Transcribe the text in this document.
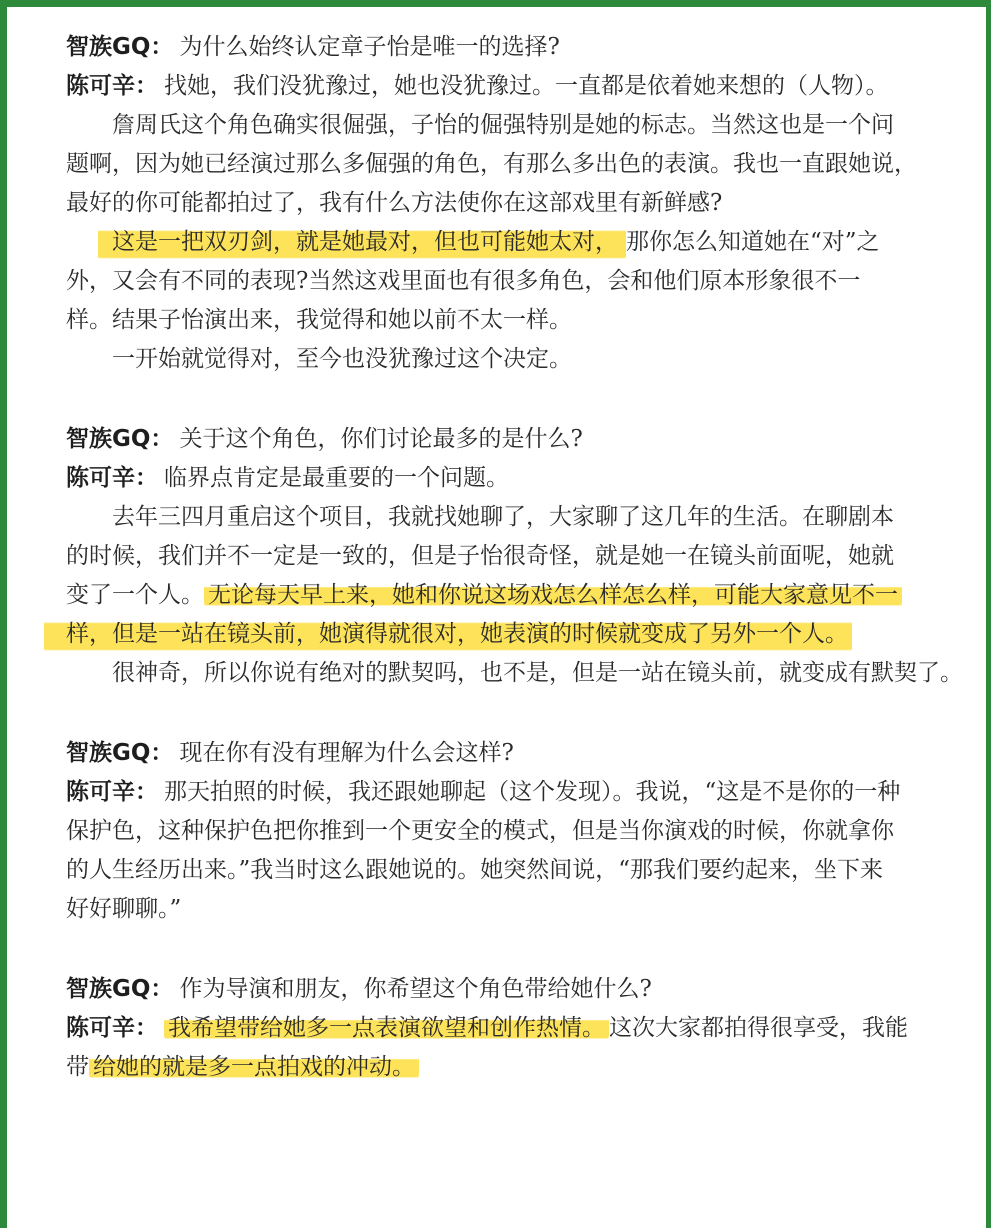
智族GQ： 为什么始终认定章子怡是唯一的选择?
陈可辛： 找她，我们没犹豫过，她也没犹豫过。一直都是依着她来想的（人物）。
詹周氏这个角色确实很倔强，子怡的倔强特别是她的标志。当然这也是一个问
题啊，因为她已经演过那么多倔强的角色，有那么多出色的表演。我也一直跟她说，
最好的你可能都拍过了，我有什么方法使你在这部戏里有新鲜感?
这是一把双刃剑，就是她最对，但也可能她太对， 那你怎么知道她在“对”之
外，又会有不同的表现?当然这戏里面也有很多角色，会和他们原本形象很不一
样。结果子怡演出来，我觉得和她以前不太一样。
一开始就觉得对，至今也没犹豫过这个决定。
智族GQ： 关于这个角色，你们讨论最多的是什么?
陈可辛： 临界点肯定是最重要的一个问题。
去年三四月重启这个项目，我就找她聊了，大家聊了这几年的生活。在聊剧本
的时候，我们并不一定是一致的，但是子怡很奇怪，就是她一在镜头前面呢，她就
变了一个人。 无论每天早上来，她和你说这场戏怎么样怎么样，可能大家意见不一
样，但是一站在镜头前，她演得就很对，她表演的时候就变成了另外一个人。
很神奇，所以你说有绝对的默契吗，也不是，但是一站在镜头前，就变成有默契了。
智族GQ： 现在你有没有理解为什么会这样?
陈可辛： 那天拍照的时候，我还跟她聊起（这个发现）。我说，“这是不是你的一种
保护色，这种保护色把你推到一个更安全的模式，但是当你演戏的时候，你就拿你
的人生经历出来。”我当时这么跟她说的。她突然间说，“那我们要约起来，坐下来
好好聊聊。”
智族GQ： 作为导演和朋友，你希望这个角色带给她什么?
陈可辛： 我希望带给她多一点表演欲望和创作热情。 这次大家都拍得很享受，我能
带 给她的就是多一点拍戏的冲动。
